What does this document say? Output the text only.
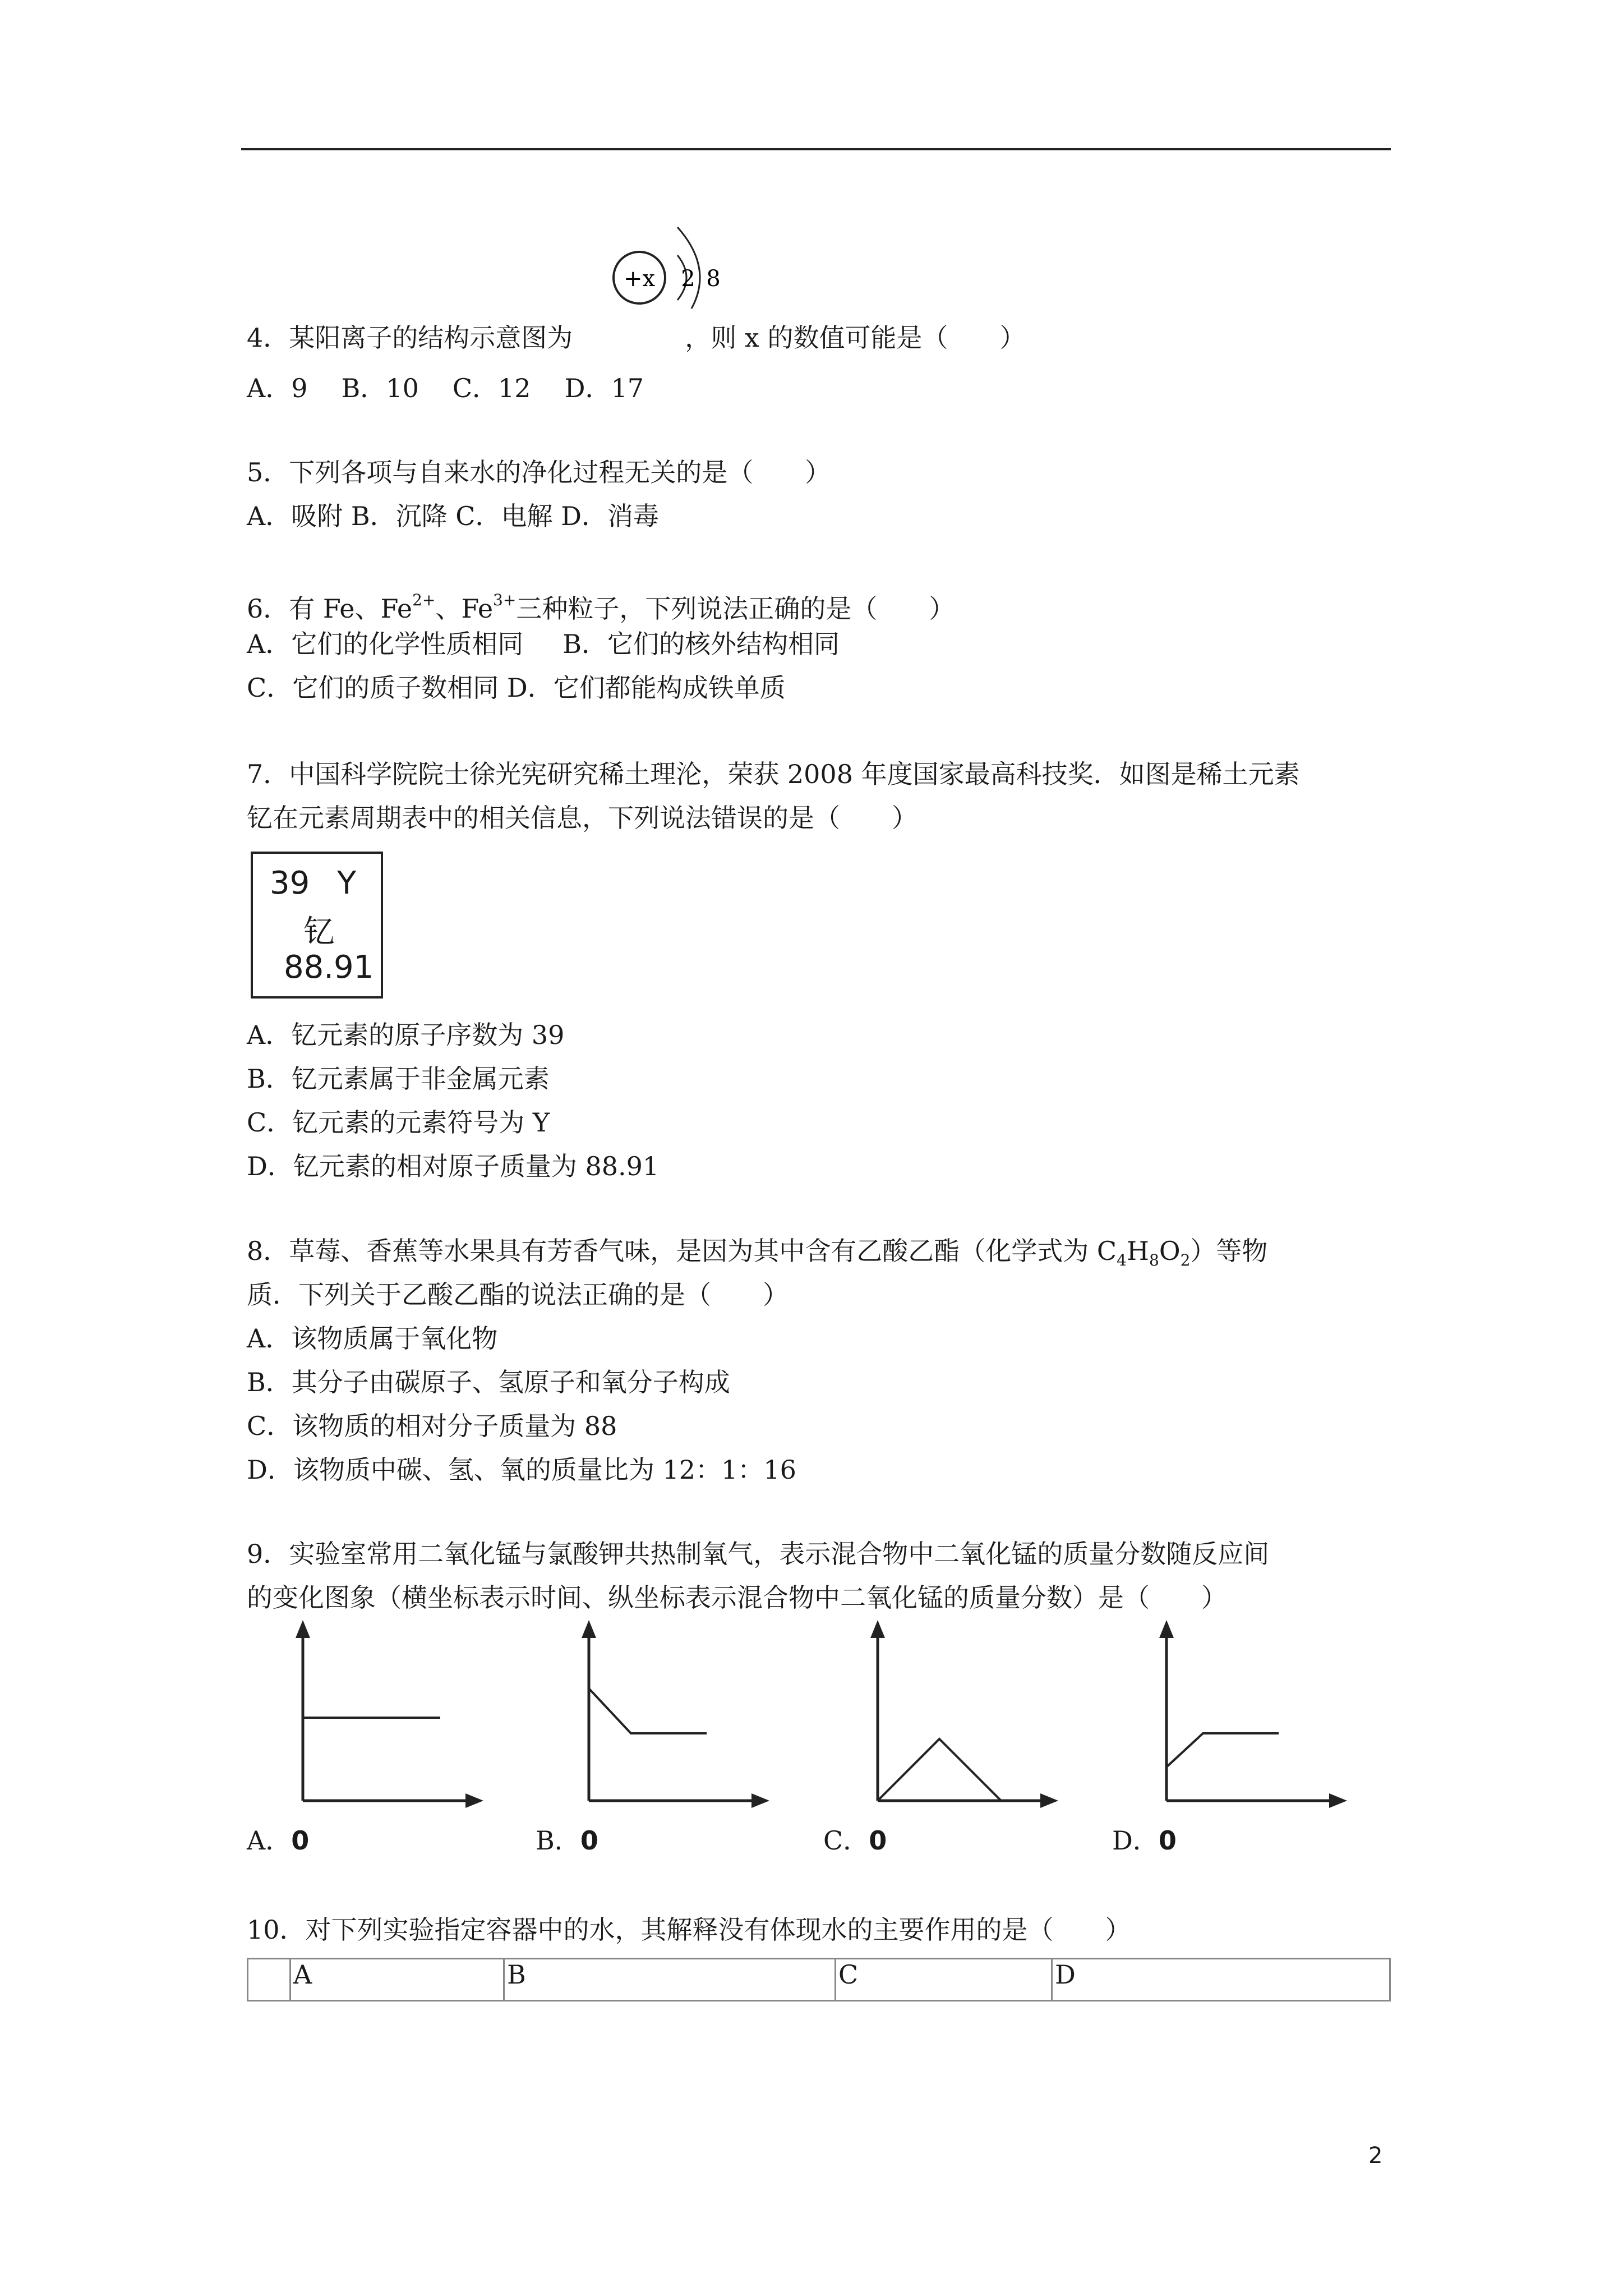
+x 2 8
4．某阳离子的结构示意图为	，则 x 的数值可能是（　　）
A．9 B．10 C．12 D．17
5．下列各项与自来水的净化过程无关的是（　　）
A．吸附 B．沉降 C．电解 D．消毒
6．有 Fe、$Fe^{2+}$、$Fe^{3+}$三种粒子，下列说法正确的是（　　）
A．它们的化学性质相同 B．它们的核外结构相同
C．它们的质子数相同 D．它们都能构成铁单质
7．中国科学院院士徐光宪研究稀土理沦，荣获 2008 年度国家最高科技奖．如图是稀土元素
钇在元素周期表中的相关信息，下列说法错误的是（　　）
39 Y
钇
88.91
A．钇元素的原子序数为 39
B．钇元素属于非金属元素
C．钇元素的元素符号为 Y
D．钇元素的相对原子质量为 88.91
8．草莓、香蕉等水果具有芳香气味，是因为其中含有乙酸乙酯（化学式为 $C_4H_8O_2$）等物
质．下列关于乙酸乙酯的说法正确的是（　　）
A．该物质属于氧化物
B．其分子由碳原子、氢原子和氧分子构成
C．该物质的相对分子质量为 88
D．该物质中碳、氢、氧的质量比为 12：1：16
9．实验室常用二氧化锰与氯酸钾共热制氧气，表示混合物中二氧化锰的质量分数随反应间
的变化图象（横坐标表示时间、纵坐标表示混合物中二氧化锰的质量分数）是（　　）
A．0	B．0	C．0	D．0
10．对下列实验指定容器中的水，其解释没有体现水的主要作用的是（　　）
	A	B	C	D
2
